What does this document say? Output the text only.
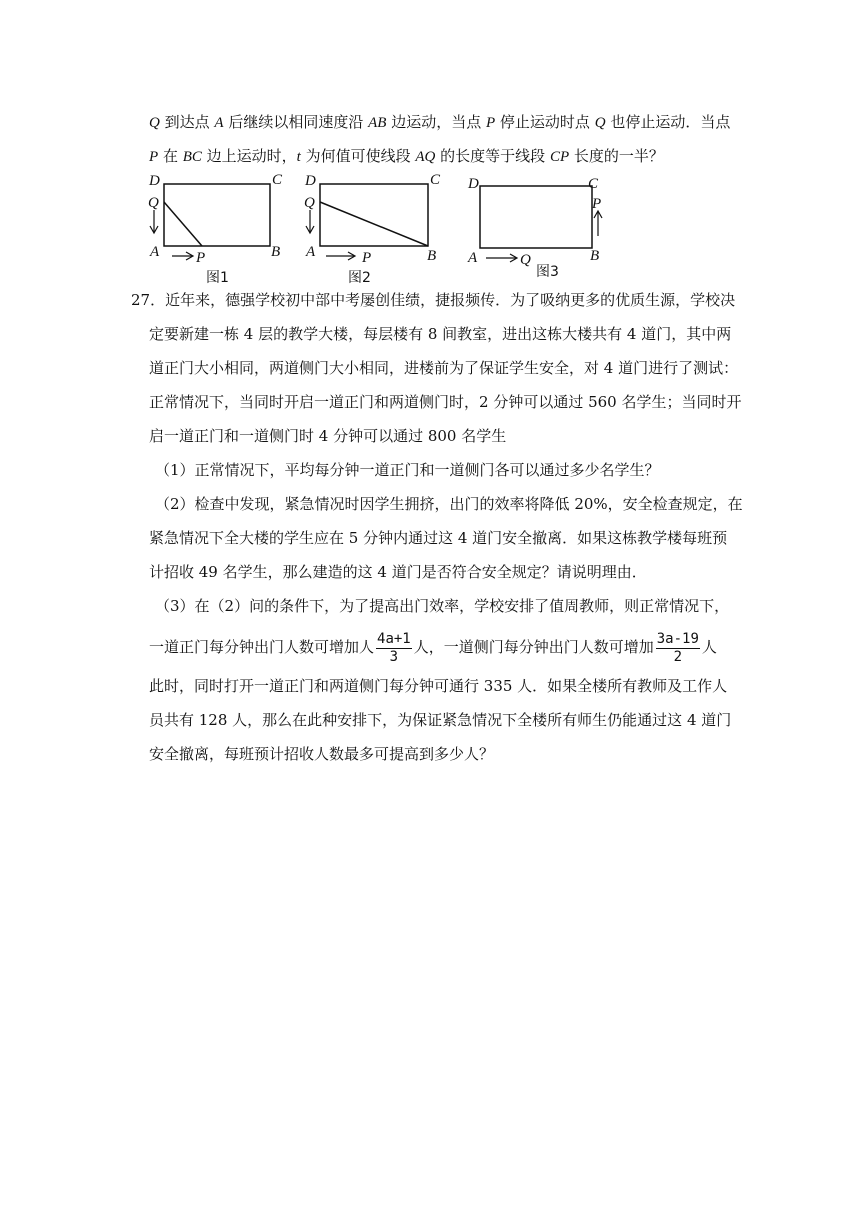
Q 到达点 A 后继续以相同速度沿 AB 边运动，当点 P 停止运动时点 Q 也停止运动．当点
P 在 BC 边上运动时，t 为何值可使线段 AQ 的长度等于线段 CP 长度的一半？
D	C
Q
A P	B
图1
D	C
Q
A	P	B
图2
D	C
P
A	Q	B
图3
27．近年来，德强学校初中部中考屡创佳绩，捷报频传．为了吸纳更多的优质生源，学校决
定要新建一栋 4 层的教学大楼，每层楼有 8 间教室，进出这栋大楼共有 4 道门，其中两
道正门大小相同，两道侧门大小相同，进楼前为了保证学生安全，对 4 道门进行了测试：
正常情况下，当同时开启一道正门和两道侧门时，2 分钟可以通过 560 名学生；当同时开
启一道正门和一道侧门时 4 分钟可以通过 800 名学生
（1）正常情况下，平均每分钟一道正门和一道侧门各可以通过多少名学生？
（2）检查中发现，紧急情况时因学生拥挤，出门的效率将降低 20%，安全检查规定，在
紧急情况下全大楼的学生应在 5 分钟内通过这 4 道门安全撤离．如果这栋教学楼每班预
计招收 49 名学生，那么建造的这 4 道门是否符合安全规定？请说明理由．
（3）在（2）问的条件下，为了提高出门效率，学校安排了值周教师，则正常情况下，
一道正门每分钟出门人数可增加人 $\frac{4a+1}{3}$ 人，一道侧门每分钟出门人数可增加 $\frac{3a-19}{2}$ 人
此时，同时打开一道正门和两道侧门每分钟可通行 335 人．如果全楼所有教师及工作人
员共有 128 人，那么在此种安排下，为保证紧急情况下全楼所有师生仍能通过这 4 道门
安全撤离，每班预计招收人数最多可提高到多少人？
